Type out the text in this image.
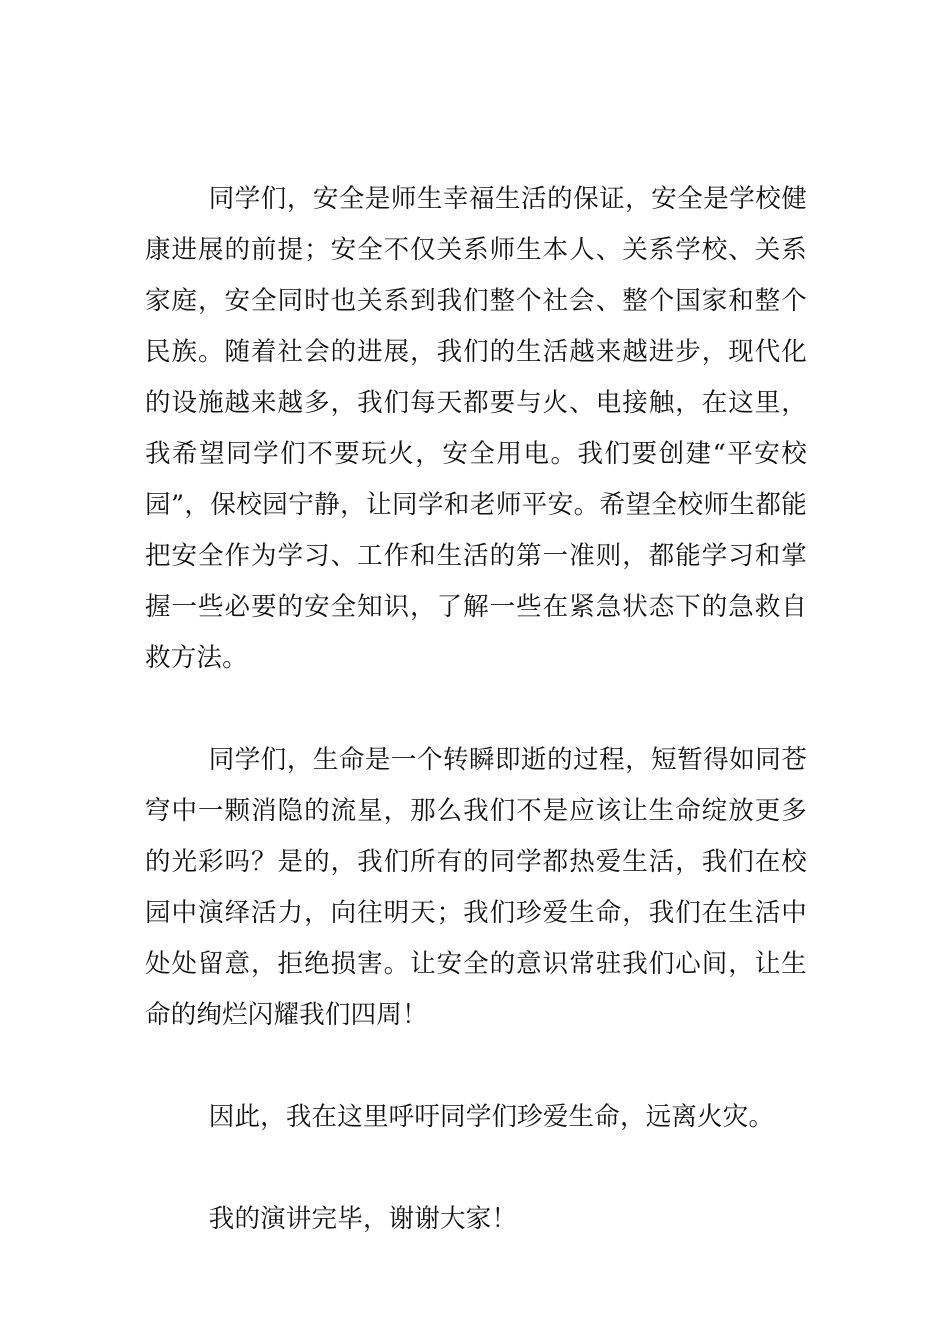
同学们，安全是师生幸福生活的保证，安全是学校健康进展的前提；安全不仅关系师生本人、关系学校、关系家庭，安全同时也关系到我们整个社会、整个国家和整个民族。随着社会的进展，我们的生活越来越进步，现代化的设施越来越多，我们每天都要与火、电接触，在这里，我希望同学们不要玩火，安全用电。我们要创建“平安校园”，保校园宁静，让同学和老师平安。希望全校师生都能把安全作为学习、工作和生活的第一准则，都能学习和掌握一些必要的安全知识，了解一些在紧急状态下的急救自救方法。

同学们，生命是一个转瞬即逝的过程，短暂得如同苍穹中一颗消隐的流星，那么我们不是应该让生命绽放更多的光彩吗？是的，我们所有的同学都热爱生活，我们在校园中演绎活力，向往明天；我们珍爱生命，我们在生活中处处留意，拒绝损害。让安全的意识常驻我们心间，让生命的绚烂闪耀我们四周！

因此，我在这里呼吁同学们珍爱生命，远离火灾。

我的演讲完毕，谢谢大家！
